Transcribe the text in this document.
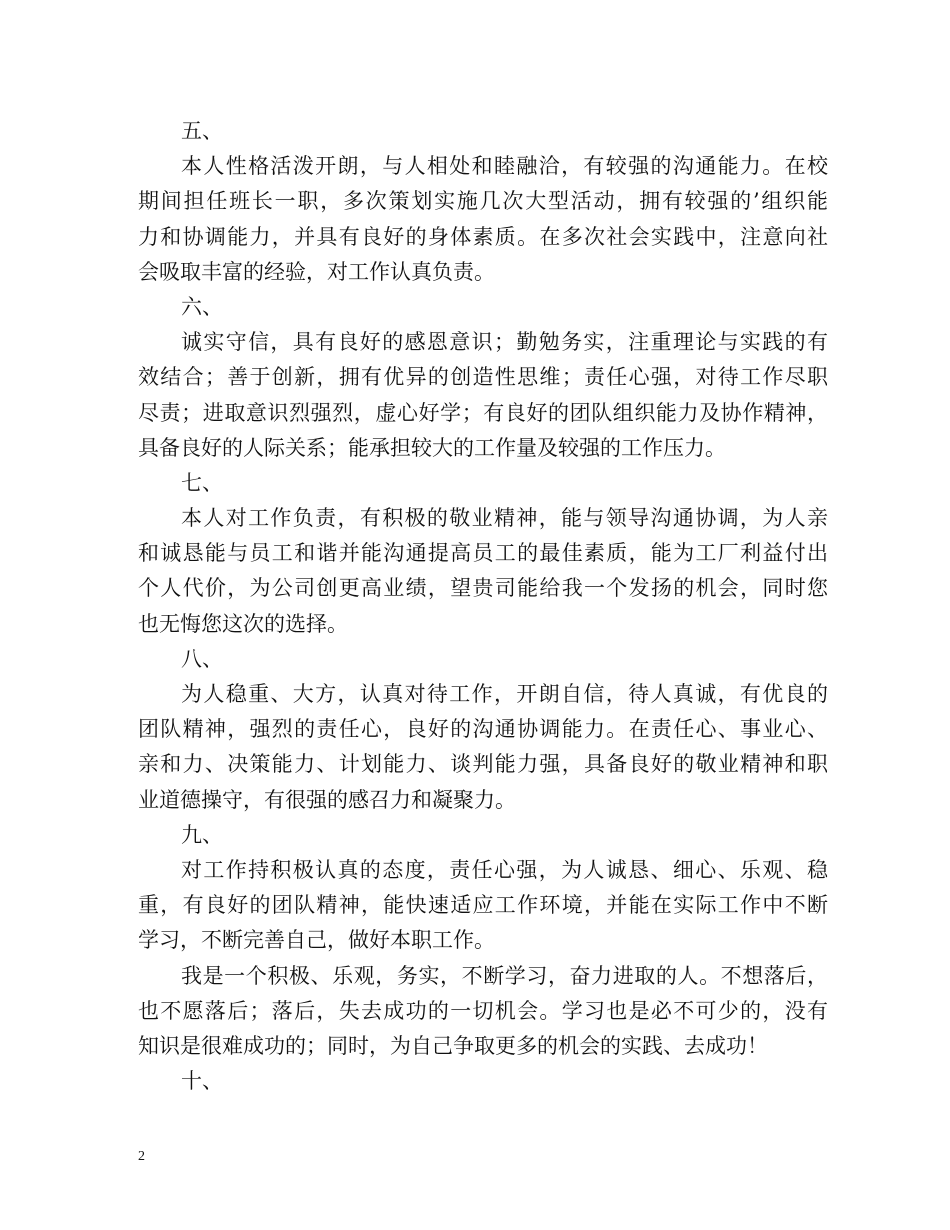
五、
本人性格活泼开朗，与人相处和睦融洽，有较强的沟通能力。在校
期间担任班长一职，多次策划实施几次大型活动，拥有较强的’组织能
力和协调能力，并具有良好的身体素质。在多次社会实践中，注意向社
会吸取丰富的经验，对工作认真负责。
六、
诚实守信，具有良好的感恩意识；勤勉务实，注重理论与实践的有
效结合；善于创新，拥有优异的创造性思维；责任心强，对待工作尽职
尽责；进取意识烈强烈，虚心好学；有良好的团队组织能力及协作精神，
具备良好的人际关系；能承担较大的工作量及较强的工作压力。
七、
本人对工作负责，有积极的敬业精神，能与领导沟通协调，为人亲
和诚恳能与员工和谐并能沟通提高员工的最佳素质，能为工厂利益付出
个人代价，为公司创更高业绩，望贵司能给我一个发扬的机会，同时您
也无悔您这次的选择。
八、
为人稳重、大方，认真对待工作，开朗自信，待人真诚，有优良的
团队精神，强烈的责任心，良好的沟通协调能力。在责任心、事业心、
亲和力、决策能力、计划能力、谈判能力强，具备良好的敬业精神和职
业道德操守，有很强的感召力和凝聚力。
九、
对工作持积极认真的态度，责任心强，为人诚恳、细心、乐观、稳
重，有良好的团队精神，能快速适应工作环境，并能在实际工作中不断
学习，不断完善自己，做好本职工作。
我是一个积极、乐观，务实，不断学习，奋力进取的人。不想落后，
也不愿落后；落后，失去成功的一切机会。学习也是必不可少的，没有
知识是很难成功的；同时，为自己争取更多的机会的实践、去成功！
十、
2
